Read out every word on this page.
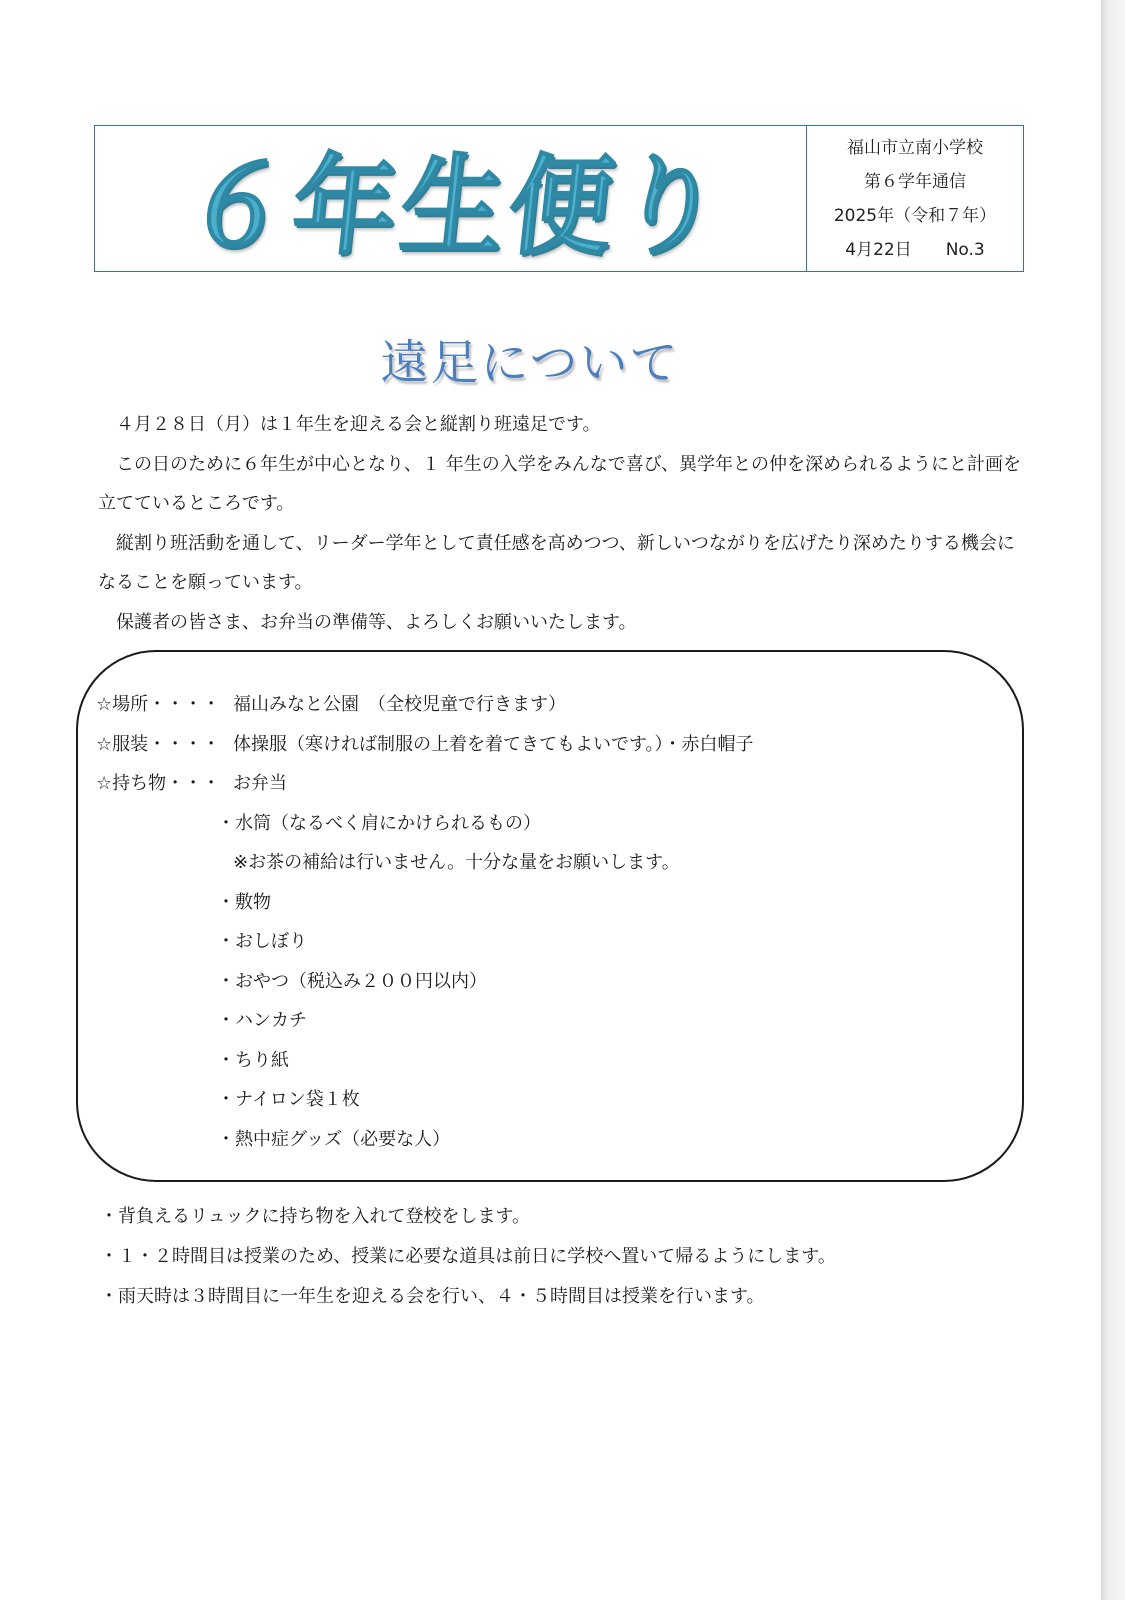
６年生便り	福山市立南小学校
第６学年通信
2025年（令和７年）
4月22日 No.3
遠足について

４月２８日（月）は１年生を迎える会と縦割り班遠足です。

この日のために６年生が中心となり、１ 年生の入学をみんなで喜び、異学年との仲を深められるようにと計画を立てているところです。

縦割り班活動を通して、リーダー学年として責任感を高めつつ、新しいつながりを広げたり深めたりする機会になることを願っています。

保護者の皆さま、お弁当の準備等、よろしくお願いいたします。

☆場所・・・・ 福山みなと公園　（全校児童で行きます）
☆服装・・・・ 体操服（寒ければ制服の上着を着てきてもよいです。）・赤白帽子
☆持ち物・・・ お弁当
・水筒（なるべく肩にかけられるもの）
※お茶の補給は行いません。十分な量をお願いします。
・敷物
・おしぼり
・おやつ（税込み２００円以内）
・ハンカチ
・ちり紙
・ナイロン袋１枚
・熱中症グッズ（必要な人）
・背負えるリュックに持ち物を入れて登校をします。
・１・２時間目は授業のため、授業に必要な道具は前日に学校へ置いて帰るようにします。
・雨天時は３時間目に一年生を迎える会を行い、４・５時間目は授業を行います。
